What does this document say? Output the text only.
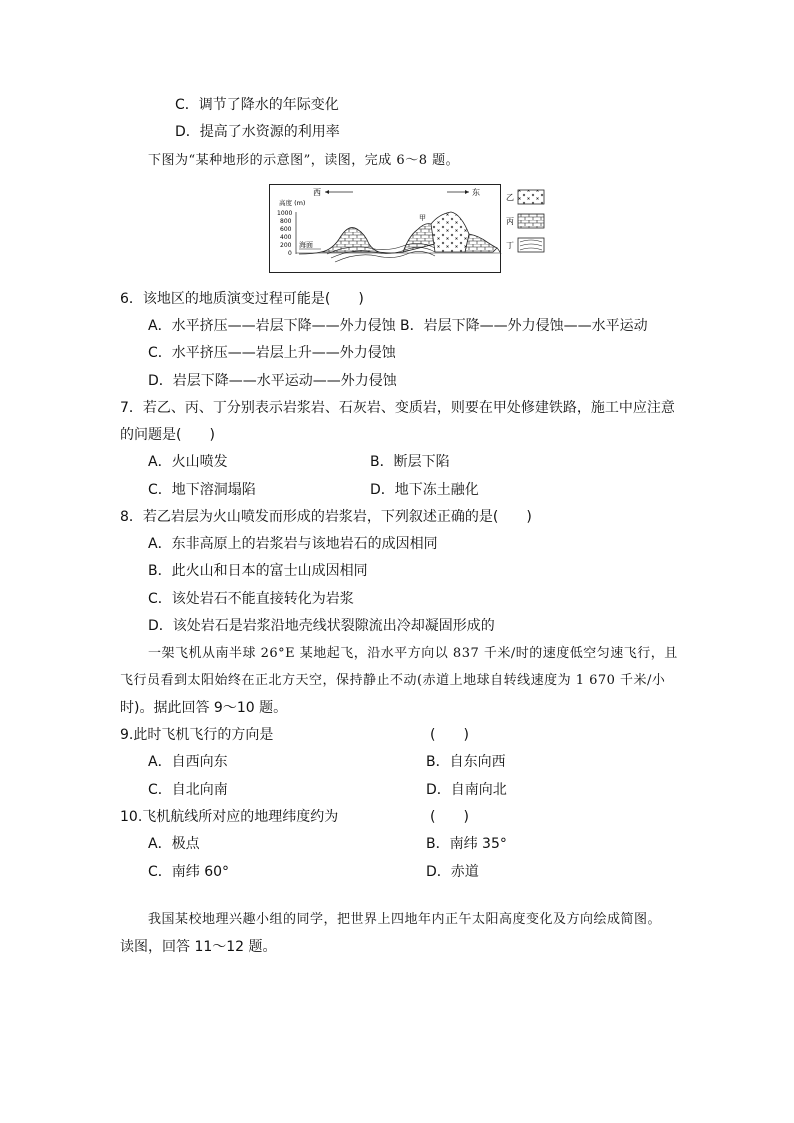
C．调节了降水的年际变化
D．提高了水资源的利用率
下图为“某种地形的示意图”，读图，完成 6～8 题。
西	东
高度 (m)
1000
800
600
400
200
0
海面
甲
乙
丙
丁
6．该地区的地质演变过程可能是(　　)
A．水平挤压——岩层下降——外力侵蚀 B．岩层下降——外力侵蚀——水平运动
C．水平挤压——岩层上升——外力侵蚀
D．岩层下降——水平运动——外力侵蚀
7．若乙、丙、丁分别表示岩浆岩、石灰岩、变质岩，则要在甲处修建铁路，施工中应注意
的问题是(　　)
A．火山喷发	B．断层下陷
C．地下溶洞塌陷	D．地下冻土融化
8．若乙岩层为火山喷发而形成的岩浆岩，下列叙述正确的是(　　)
A．东非高原上的岩浆岩与该地岩石的成因相同
B．此火山和日本的富士山成因相同
C．该处岩石不能直接转化为岩浆
D．该处岩石是岩浆沿地壳线状裂隙流出冷却凝固形成的
一架飞机从南半球 26°E 某地起飞，沿水平方向以 837 千米/时的速度低空匀速飞行，且
飞行员看到太阳始终在正北方天空，保持静止不动(赤道上地球自转线速度为 1 670 千米/小
时)。据此回答 9～10 题。
9.此时飞机飞行的方向是	(　　)
A．自西向东	B．自东向西
C．自北向南	D．自南向北
10.飞机航线所对应的地理纬度约为	(　　)
A．极点	B．南纬 35°
C．南纬 60°	D．赤道
我国某校地理兴趣小组的同学，把世界上四地年内正午太阳高度变化及方向绘成简图。
读图，回答 11～12 题。
